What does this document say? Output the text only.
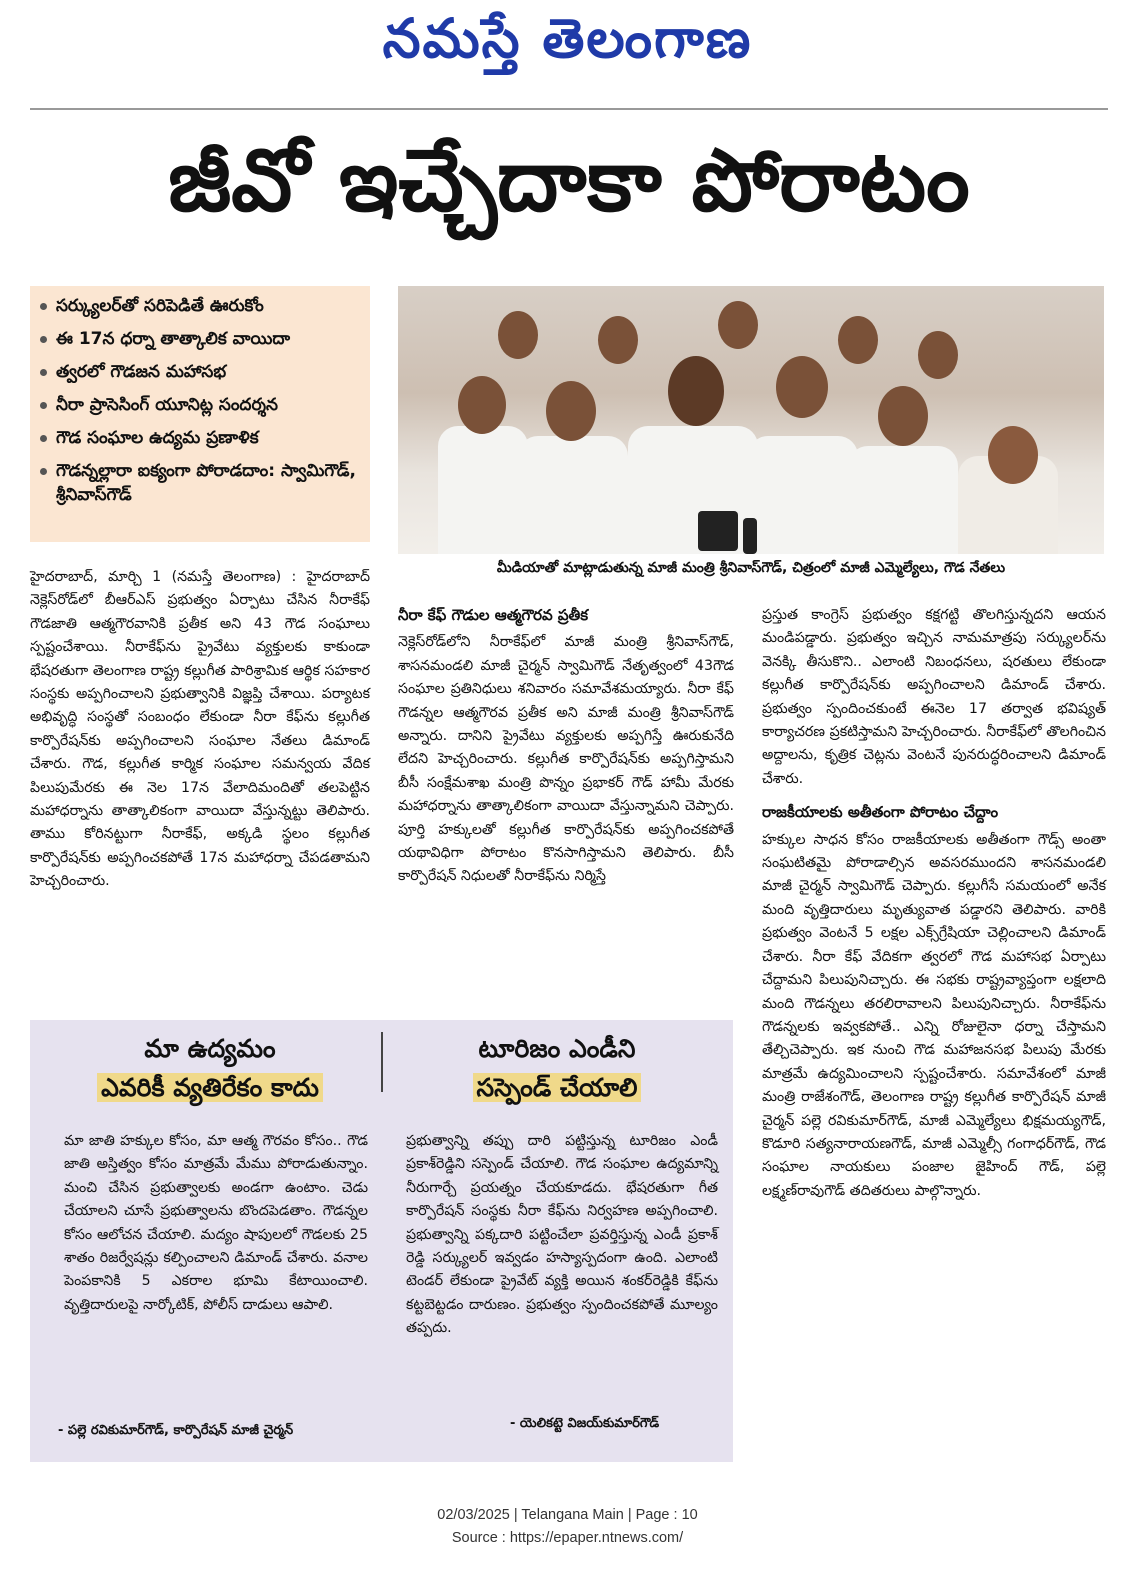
నమస్తే తెలంగాణ
జీవో ఇచ్చేదాకా పోరాటం
సర్క్యులర్‌తో సరిపెడితే ఊరుకోం
ఈ 17న ధర్నా తాత్కాలిక వాయిదా
త్వరలో గౌడజన మహాసభ
నీరా ప్రాసెసింగ్ యూనిట్ల సందర్శన
గౌడ సంఘాల ఉద్యమ ప్రణాళిక
గౌడన్నల్లారా ఐక్యంగా పోరాడదాం: స్వామిగౌడ్, శ్రీనివాస్‌గౌడ్
మీడియాతో మాట్లాడుతున్న మాజీ మంత్రి శ్రీనివాస్‌గౌడ్, చిత్రంలో మాజీ ఎమ్మెల్యేలు, గౌడ నేతలు

హైదరాబాద్, మార్చి 1 (నమస్తే తెలంగాణ) : హైదరాబాద్ నెక్లెస్‌రోడ్‌లో బీఆర్‌ఎస్ ప్రభుత్వం ఏర్పాటు చేసిన నీరాకేఫ్ గౌడజాతి ఆత్మగౌరవానికి ప్రతీక అని 43 గౌడ సంఘాలు స్పష్టంచేశాయి. నీరాకేఫ్‌ను ప్రైవేటు వ్యక్తులకు కాకుండా భేషరతుగా తెలంగాణ రాష్ట్ర కల్లుగీత పారిశ్రామిక ఆర్థిక సహకార సంస్థకు అప్పగించాలని ప్రభుత్వానికి విజ్ఞప్తి చేశాయి. పర్యాటక అభివృద్ధి సంస్థతో సంబంధం లేకుండా నీరా కేఫ్‌ను కల్లుగీత కార్పొరేషన్‌కు అప్పగించాలని సంఘాల నేతలు డిమాండ్ చేశారు. గౌడ, కల్లుగీత కార్మిక సంఘాల సమన్వయ వేదిక పిలుపుమేరకు ఈ నెల 17న వేలాదిమందితో తలపెట్టిన మహాధర్నాను తాత్కాలికంగా వాయిదా వేస్తున్నట్టు తెలిపారు. తాము కోరినట్టుగా నీరాకేఫ్, అక్కడి స్థలం కల్లుగీత కార్పొరేషన్‌కు అప్పగించకపోతే 17న మహాధర్నా చేపడతామని హెచ్చరించారు.

నీరా కేఫ్ గౌడుల ఆత్మగౌరవ ప్రతీక

నెక్లెస్‌రోడ్‌లోని నీరాకేఫ్‌లో మాజీ మంత్రి శ్రీనివాస్‌గౌడ్, శాసనమండలి మాజీ చైర్మన్ స్వామిగౌడ్ నేతృత్వంలో 43గౌడ సంఘాల ప్రతినిధులు శనివారం సమావేశమయ్యారు. నీరా కేఫ్ గౌడన్నల ఆత్మగౌరవ ప్రతీక అని మాజీ మంత్రి శ్రీనివాస్‌గౌడ్ అన్నారు. దానిని ప్రైవేటు వ్యక్తులకు అప్పగిస్తే ఊరుకునేది లేదని హెచ్చరించారు. కల్లుగీత కార్పొరేషన్‌కు అప్పగిస్తామని బీసీ సంక్షేమశాఖ మంత్రి పొన్నం ప్రభాకర్ గౌడ్ హామీ మేరకు మహాధర్నాను తాత్కాలికంగా వాయిదా వేస్తున్నామని చెప్పారు. పూర్తి హక్కులతో కల్లుగీత కార్పొరేషన్‌కు అప్పగించకపోతే యథావిధిగా పోరాటం కొనసాగిస్తామని తెలిపారు. బీసీ కార్పొరేషన్ నిధులతో నీరాకేఫ్‌ను నిర్మిస్తే

ప్రస్తుత కాంగ్రెస్ ప్రభుత్వం కక్షగట్టి తొలగిస్తున్నదని ఆయన మండిపడ్డారు. ప్రభుత్వం ఇచ్చిన నామమాత్రపు సర్క్యులర్‌ను వెనక్కి తీసుకొని.. ఎలాంటి నిబంధనలు, షరతులు లేకుండా కల్లుగీత కార్పొరేషన్‌కు అప్పగించాలని డిమాండ్ చేశారు. ప్రభుత్వం స్పందించకుంటే ఈనెల 17 తర్వాత భవిష్యత్ కార్యాచరణ ప్రకటిస్తామని హెచ్చరించారు. నీరాకేఫ్‌లో తొలగించిన అద్దాలను, కృత్రిక చెట్లను వెంటనే పునరుద్ధరించాలని డిమాండ్ చేశారు.

రాజకీయాలకు అతీతంగా పోరాటం చేద్దాం

హక్కుల సాధన కోసం రాజకీయాలకు అతీతంగా గౌడ్స్ అంతా సంఘటితమై పోరాడాల్సిన అవసరముందని శాసనమండలి మాజీ చైర్మన్ స్వామిగౌడ్ చెప్పారు. కల్లుగీసే సమయంలో అనేక మంది వృత్తిదారులు మృత్యువాత పడ్డారని తెలిపారు. వారికి ప్రభుత్వం వెంటనే 5 లక్షల ఎక్స్‌గ్రేషియా చెల్లించాలని డిమాండ్ చేశారు. నీరా కేఫ్ వేదికగా త్వరలో గౌడ మహాసభ ఏర్పాటు చేద్దామని పిలుపునిచ్చారు. ఈ సభకు రాష్ట్రవ్యాప్తంగా లక్షలాది మంది గౌడన్నలు తరలిరావాలని పిలుపునిచ్చారు. నీరాకేఫ్‌ను గౌడన్నలకు ఇవ్వకపోతే.. ఎన్ని రోజులైనా ధర్నా చేస్తామని తేల్చిచెప్పారు. ఇక నుంచి గౌడ మహాజనసభ పిలుపు మేరకు మాత్రమే ఉద్యమించాలని స్పష్టంచేశారు. సమావేశంలో మాజీ మంత్రి రాజేశంగౌడ్, తెలంగాణ రాష్ట్ర కల్లుగీత కార్పొరేషన్ మాజీ చైర్మన్ పల్లె రవికుమార్‌గౌడ్, మాజీ ఎమ్మెల్యేలు భిక్షమయ్యగౌడ్, కొడూరి సత్యనారాయణగౌడ్, మాజీ ఎమ్మెల్సీ గంగాధర్‌గౌడ్, గౌడ సంఘాల నాయకులు పంజాల జైహింద్ గౌడ్, పల్లె లక్ష్మణ్‌రావుగౌడ్ తదితరులు పాల్గొన్నారు.

మా ఉద్యమం
ఎవరికీ వ్యతిరేకం కాదు
మా జాతి హక్కుల కోసం, మా ఆత్మ గౌరవం కోసం.. గౌడ జాతి అస్తిత్వం కోసం మాత్రమే మేము పోరాడుతున్నాం. మంచి చేసిన ప్రభుత్వాలకు అండగా ఉంటాం. చెడు చేయాలని చూసే ప్రభుత్వాలను బొందపెడతాం. గౌడన్నల కోసం ఆలోచన చేయాలి. మద్యం షాపులలో గౌడలకు 25 శాతం రిజర్వేషన్లు కల్పించాలని డిమాండ్ చేశారు. వనాల పెంపకానికి 5 ఎకరాల భూమి కేటాయించాలి. వృత్తిదారులపై నార్కోటిక్, పోలీస్ దాడులు ఆపాలి.
- పల్లె రవికుమార్‌గౌడ్, కార్పొరేషన్ మాజీ చైర్మన్
టూరిజం ఎండీని
సస్పెండ్ చేయాలి
ప్రభుత్వాన్ని తప్పు దారి పట్టిస్తున్న టూరిజం ఎండీ ప్రకాశ్‌రెడ్డిని సస్పెండ్ చేయాలి. గౌడ సంఘాల ఉద్యమాన్ని నీరుగార్చే ప్రయత్నం చేయకూడదు. భేషరతుగా గీత కార్పొరేషన్ సంస్థకు నీరా కేఫ్‌ను నిర్వహణ అప్పగించాలి. ప్రభుత్వాన్ని పక్కదారి పట్టించేలా ప్రవర్తిస్తున్న ఎండీ ప్రకాశ్ రెడ్డి సర్క్యులర్ ఇవ్వడం హస్యాస్పదంగా ఉంది. ఎలాంటి టెండర్ లేకుండా ప్రైవేట్ వ్యక్తి అయిన శంకర్‌రెడ్డికి కేఫ్‌ను కట్టబెట్టడం దారుణం. ప్రభుత్వం స్పందించకపోతే మూల్యం తప్పదు.
- యెలికట్టె విజయ్‌కుమార్‌గౌడ్
02/03/2025 | Telangana Main | Page : 10
Source : https://epaper.ntnews.com/
